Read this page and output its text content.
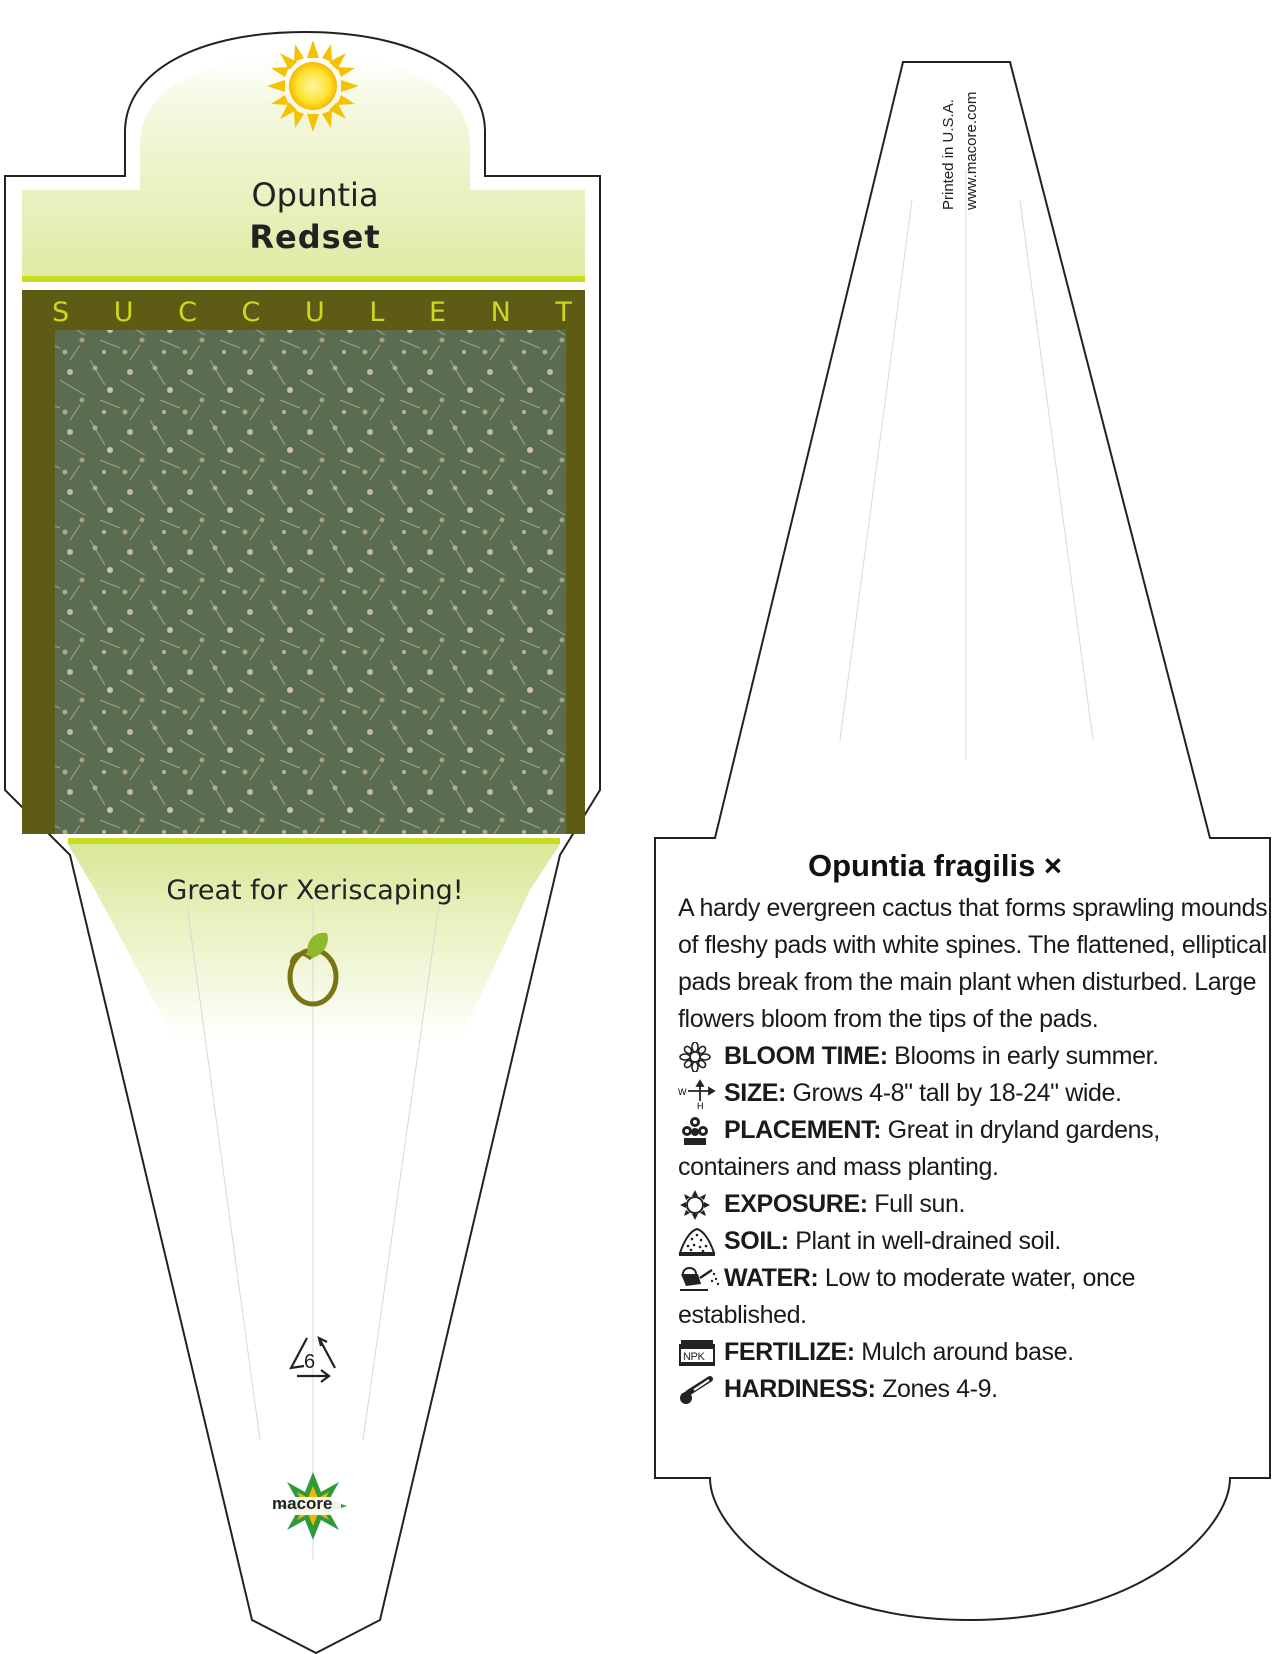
Opuntia
Redset
S U C C U L E N T
Great for Xeriscaping!
6
macore
Printed in U.S.A. www.macore.com
Opuntia fragilis ×
A hardy evergreen cactus that forms sprawling mounds of fleshy pads with white spines. The flattened, elliptical pads break from the main plant when disturbed. Large flowers bloom from the tips of the pads.
BLOOM TIME: Blooms in early summer.
W
H SIZE: Grows 4-8" tall by 18-24" wide.
PLACEMENT: Great in dryland gardens, containers and mass planting.
EXPOSURE: Full sun.
SOIL: Plant in well-drained soil.
WATER: Low to moderate water, once established.
NPK FERTILIZE: Mulch around base.
HARDINESS: Zones 4-9.
